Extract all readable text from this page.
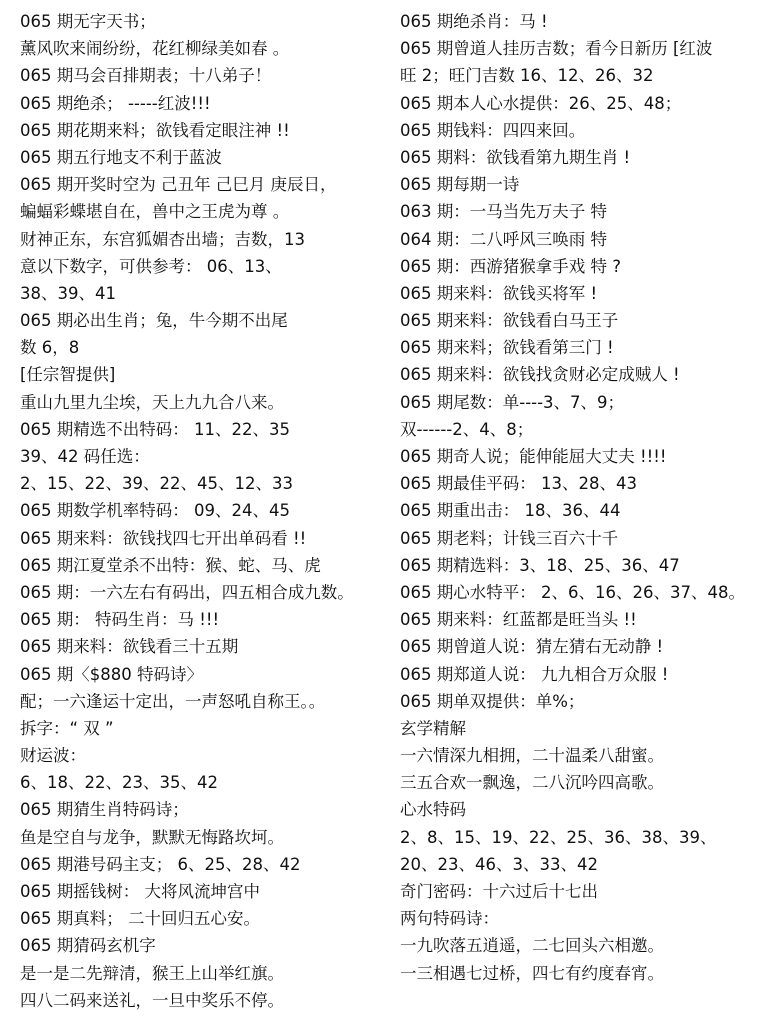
065 期无字天书；
薰风吹来闹纷纷，花红柳绿美如春 。
065 期马会百排期表；十八弟子！
065 期绝杀； -----红波!!!
065 期花期来料；欲钱看定眼注神 !!
065 期五行地支不利于蓝波
065 期开奖时空为 己丑年 己巳月 庚辰日，
蝙蝠彩蝶堪自在，兽中之王虎为尊 。
财神正东，东宫狐媚杏出墙；吉数，13
意以下数字，可供参考： 06、13、
38、39、41
065 期必出生肖；兔，牛今期不出尾
数 6，8
[任宗智提供]
重山九里九尘埃，天上九九合八来。
065 期精选不出特码： 11、22、35
39、42 码任选：
2、15、22、39、22、45、12、33
065 期数学机率特码： 09、24、45
065 期来料：欲钱找四七开出单码看 !!
065 期江夏堂杀不出特：猴、蛇、马、虎
065 期：一六左右有码出，四五相合成九数。
065 期： 特码生肖：马 !!!
065 期来料：欲钱看三十五期
065 期〈$880 特码诗〉
配；一六逢运十定出，一声怒吼自称王。。
拆字：“ 双 ”
财运波：
6、18、22、23、35、42
065 期猜生肖特码诗；
鱼是空自与龙争，默默无悔路坎坷。
065 期港号码主支； 6、25、28、42
065 期摇钱树： 大将风流坤宫中
065 期真料； 二十回归五心安。
065 期猜码玄机字
是一是二先辩清，猴王上山举红旗。
四八二码来送礼，一旦中奖乐不停。
065 期绝杀肖：马 !
065 期曾道人挂历吉数；看今日新历 [红波
旺 2；旺门吉数 16、12、26、32
065 期本人心水提供：26、25、48；
065 期钱料：四四来回。
065 期料：欲钱看第九期生肖 !
065 期每期一诗
063 期：一马当先万夫子 特
064 期：二八呼风三唤雨 特
065 期：西游猪猴拿手戏 特 ?
065 期来料：欲钱买将军 !
065 期来料：欲钱看白马王子
065 期来料；欲钱看第三门 !
065 期来料：欲钱找贪财必定成贼人 !
065 期尾数：单----3、7、9；
双------2、4、8；
065 期奇人说；能伸能屈大丈夫 !!!!
065 期最佳平码： 13、28、43
065 期重出击： 18、36、44
065 期老料；计钱三百六十千
065 期精选料：3、18、25、36、47
065 期心水特平： 2、6、16、26、37、48。
065 期来料：红蓝都是旺当头 !!
065 期曾道人说：猜左猜右无动静 !
065 期郑道人说： 九九相合万众服 !
065 期单双提供：单%；
玄学精解
一六情深九相拥，二十温柔八甜蜜。
三五合欢一飘逸，二八沉吟四高歌。
心水特码
2、8、15、19、22、25、36、38、39、
20、23、46、3、33、42
奇门密码：十六过后十七出
两句特码诗：
一九吹落五逍遥，二七回头六相邀。
一三相遇七过桥，四七有约度春宵。
